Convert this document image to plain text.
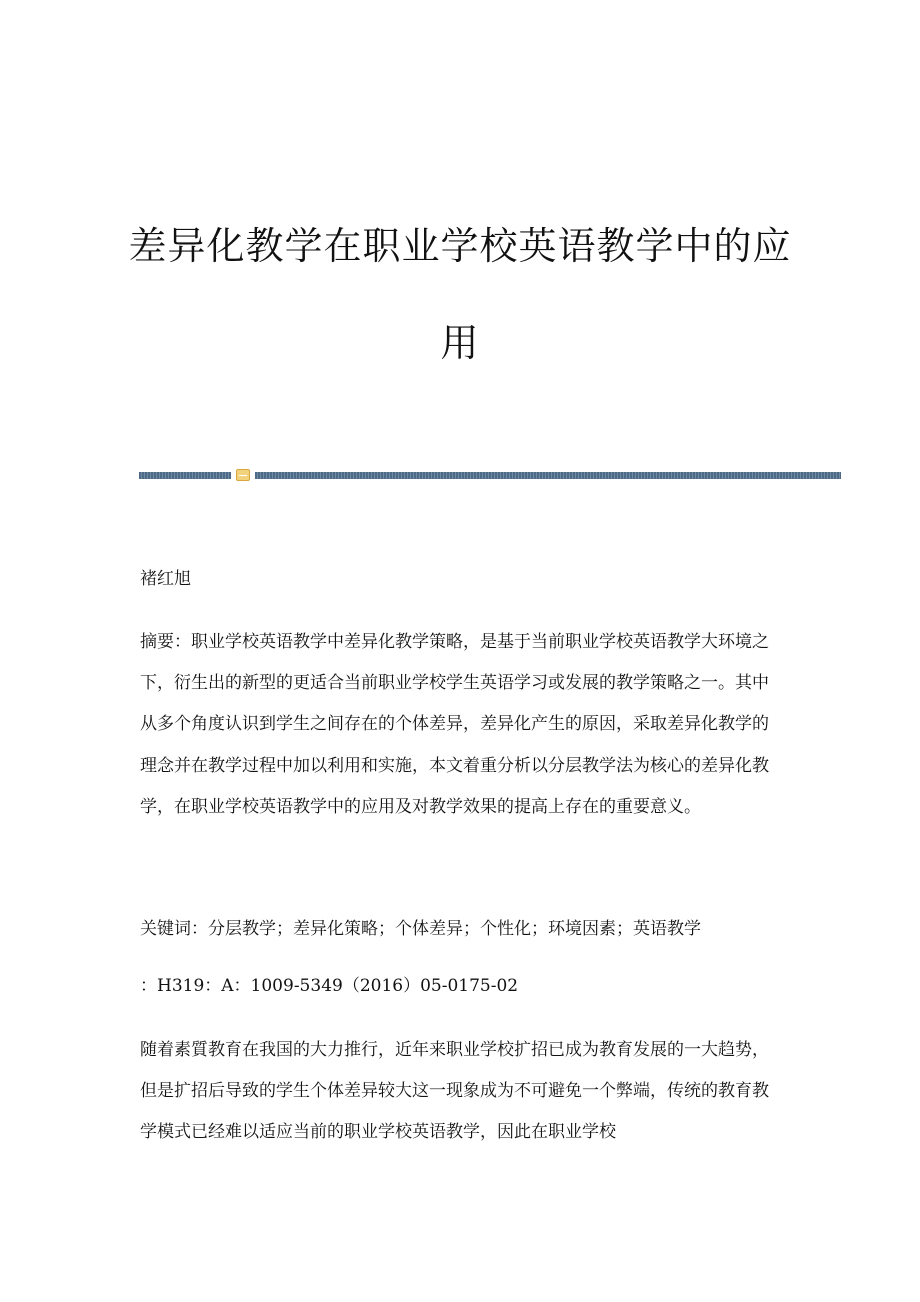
差异化教学在职业学校英语教学中的应
用

褚红旭

摘要：职业学校英语教学中差异化教学策略，是基于当前职业学校英语教学大环境之下，衍生出的新型的更适合当前职业学校学生英语学习或发展的教学策略之一。其中从多个角度认识到学生之间存在的个体差异，差异化产生的原因，采取差异化教学的理念并在教学过程中加以利用和实施，本文着重分析以分层教学法为核心的差异化教学，在职业学校英语教学中的应用及对教学效果的提高上存在的重要意义。

关键词：分层教学；差异化策略；个体差异；个性化；环境因素；英语教学

：H319：A：1009-5349（2016）05-0175-02

随着素質教育在我国的大力推行，近年来职业学校扩招已成为教育发展的一大趋势，但是扩招后导致的学生个体差异较大这一现象成为不可避免一个弊端，传统的教育教学模式已经难以适应当前的职业学校英语教学，因此在职业学校
